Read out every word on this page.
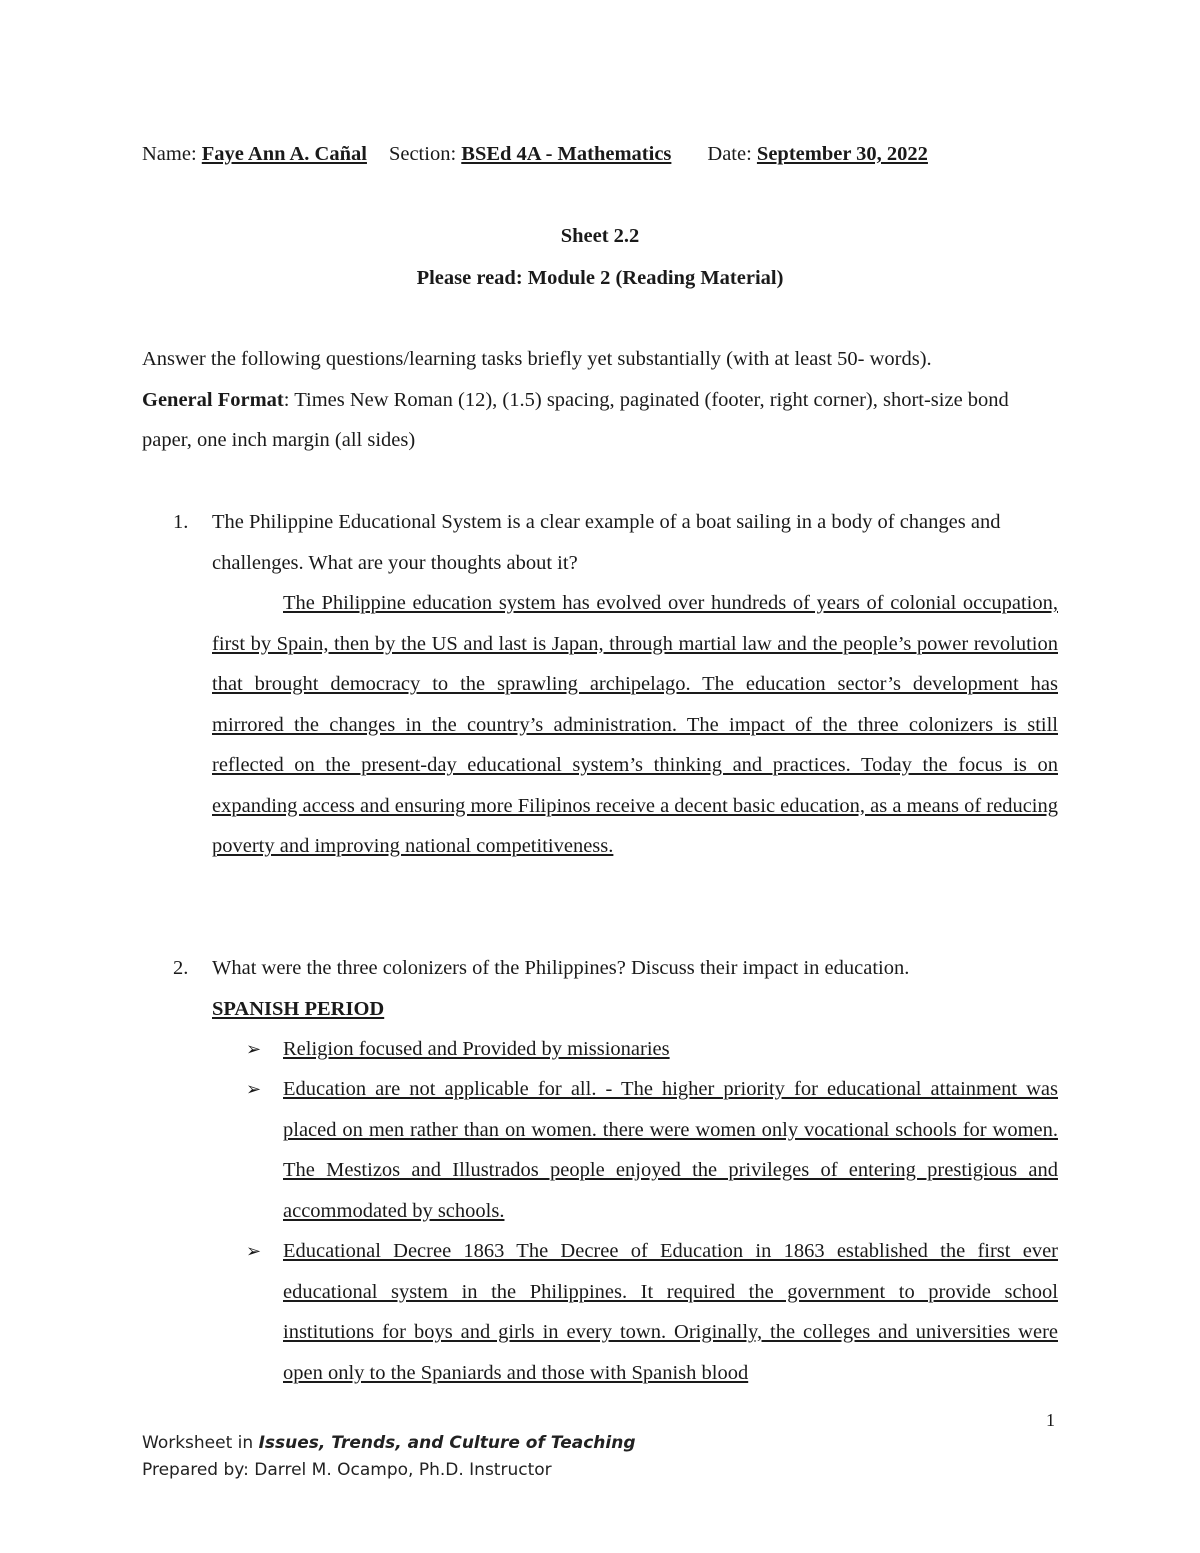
Name: Faye Ann A. Cañal Section: BSEd 4A - Mathematics Date: September 30, 2022
Sheet 2.2
Please read: Module 2 (Reading Material)
Answer the following questions/learning tasks briefly yet substantially (with at least 50- words).
General Format: Times New Roman (12), (1.5) spacing, paginated (footer, right corner), short-size bond paper, one inch margin (all sides)
1. The Philippine Educational System is a clear example of a boat sailing in a body of changes and challenges. What are your thoughts about it?
The Philippine education system has evolved over hundreds of years of colonial occupation, first by Spain, then by the US and last is Japan, through martial law and the people’s power revolution that brought democracy to the sprawling archipelago. The education sector’s development has mirrored the changes in the country’s administration. The impact of the three colonizers is still reflected on the present-day educational system’s thinking and practices. Today the focus is on expanding access and ensuring more Filipinos receive a decent basic education, as a means of reducing poverty and improving national competitiveness.
2. What were the three colonizers of the Philippines? Discuss their impact in education.
SPANISH PERIOD
➢ Religion focused and Provided by missionaries
➢ Education are not applicable for all. - The higher priority for educational attainment was placed on men rather than on women. there were women only vocational schools for women. The Mestizos and Illustrados people enjoyed the privileges of entering prestigious and accommodated by schools.
➢ Educational Decree 1863 The Decree of Education in 1863 established the first ever educational system in the Philippines. It required the government to provide school institutions for boys and girls in every town. Originally, the colleges and universities were open only to the Spaniards and those with Spanish blood
1
Worksheet in Issues, Trends, and Culture of Teaching
Prepared by: Darrel M. Ocampo, Ph.D. Instructor
